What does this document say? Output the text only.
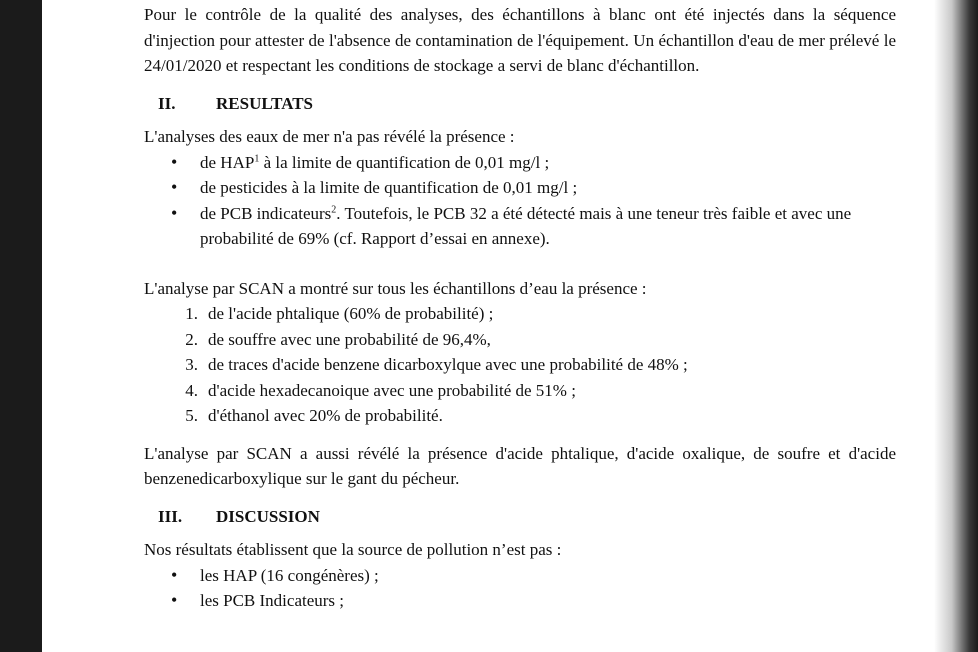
Pour le contrôle de la qualité des analyses, des échantillons à blanc ont été injectés dans la séquence d'injection pour attester de l'absence de contamination de l'équipement. Un échantillon d'eau de mer prélevé le 24/01/2020 et respectant les conditions de stockage a servi de blanc d'échantillon.

II.	RESULTATS

L'analyses des eaux de mer n'a pas révélé la présence :

• de HAP$^1$ à la limite de quantification de 0,01 mg/l ;
• de pesticides à la limite de quantification de 0,01 mg/l ;
• de PCB indicateurs$^2$. Toutefois, le PCB 32 a été détecté mais à une teneur très faible et avec une probabilité de 69% (cf. Rapport d’essai en annexe).

L'analyse par SCAN a montré sur tous les échantillons d’eau la présence :

1. de l'acide phtalique (60% de probabilité) ;
2. de souffre avec une probabilité de 96,4%,
3. de traces d'acide benzene dicarboxylque avec une probabilité de 48% ;
4. d'acide hexadecanoique avec une probabilité de 51% ;
5. d'éthanol avec 20% de probabilité.

L'analyse par SCAN a aussi révélé la présence d'acide phtalique, d'acide oxalique, de soufre et d'acide benzenedicarboxylique sur le gant du pécheur.

III.	DISCUSSION

Nos résultats établissent que la source de pollution n’est pas :

• les HAP (16 congénères) ;
• les PCB Indicateurs ;
